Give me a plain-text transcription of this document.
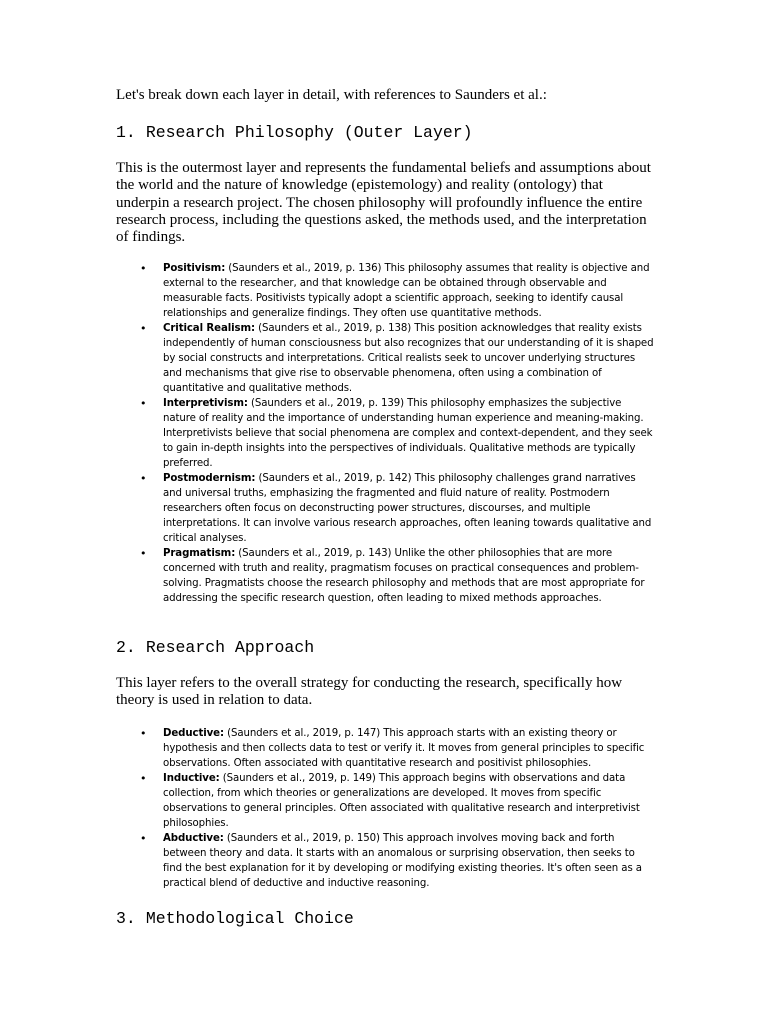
Let's break down each layer in detail, with references to Saunders et al.:

1. Research Philosophy (Outer Layer)

This is the outermost layer and represents the fundamental beliefs and assumptions about the world and the nature of knowledge (epistemology) and reality (ontology) that underpin a research project. The chosen philosophy will profoundly influence the entire research process, including the questions asked, the methods used, and the interpretation of findings.

• Positivism: (Saunders et al., 2019, p. 136) This philosophy assumes that reality is objective and external to the researcher, and that knowledge can be obtained through observable and measurable facts. Positivists typically adopt a scientific approach, seeking to identify causal relationships and generalize findings. They often use quantitative methods.
• Critical Realism: (Saunders et al., 2019, p. 138) This position acknowledges that reality exists independently of human consciousness but also recognizes that our understanding of it is shaped by social constructs and interpretations. Critical realists seek to uncover underlying structures and mechanisms that give rise to observable phenomena, often using a combination of quantitative and qualitative methods.
• Interpretivism: (Saunders et al., 2019, p. 139) This philosophy emphasizes the subjective nature of reality and the importance of understanding human experience and meaning-making. Interpretivists believe that social phenomena are complex and context-dependent, and they seek to gain in-depth insights into the perspectives of individuals. Qualitative methods are typically preferred.
• Postmodernism: (Saunders et al., 2019, p. 142) This philosophy challenges grand narratives and universal truths, emphasizing the fragmented and fluid nature of reality. Postmodern researchers often focus on deconstructing power structures, discourses, and multiple interpretations. It can involve various research approaches, often leaning towards qualitative and critical analyses.
• Pragmatism: (Saunders et al., 2019, p. 143) Unlike the other philosophies that are more concerned with truth and reality, pragmatism focuses on practical consequences and problem-solving. Pragmatists choose the research philosophy and methods that are most appropriate for addressing the specific research question, often leading to mixed methods approaches.
2. Research Approach

This layer refers to the overall strategy for conducting the research, specifically how theory is used in relation to data.

• Deductive: (Saunders et al., 2019, p. 147) This approach starts with an existing theory or hypothesis and then collects data to test or verify it. It moves from general principles to specific observations. Often associated with quantitative research and positivist philosophies.
• Inductive: (Saunders et al., 2019, p. 149) This approach begins with observations and data collection, from which theories or generalizations are developed. It moves from specific observations to general principles. Often associated with qualitative research and interpretivist philosophies.
• Abductive: (Saunders et al., 2019, p. 150) This approach involves moving back and forth between theory and data. It starts with an anomalous or surprising observation, then seeks to find the best explanation for it by developing or modifying existing theories. It's often seen as a practical blend of deductive and inductive reasoning.
3. Methodological Choice
